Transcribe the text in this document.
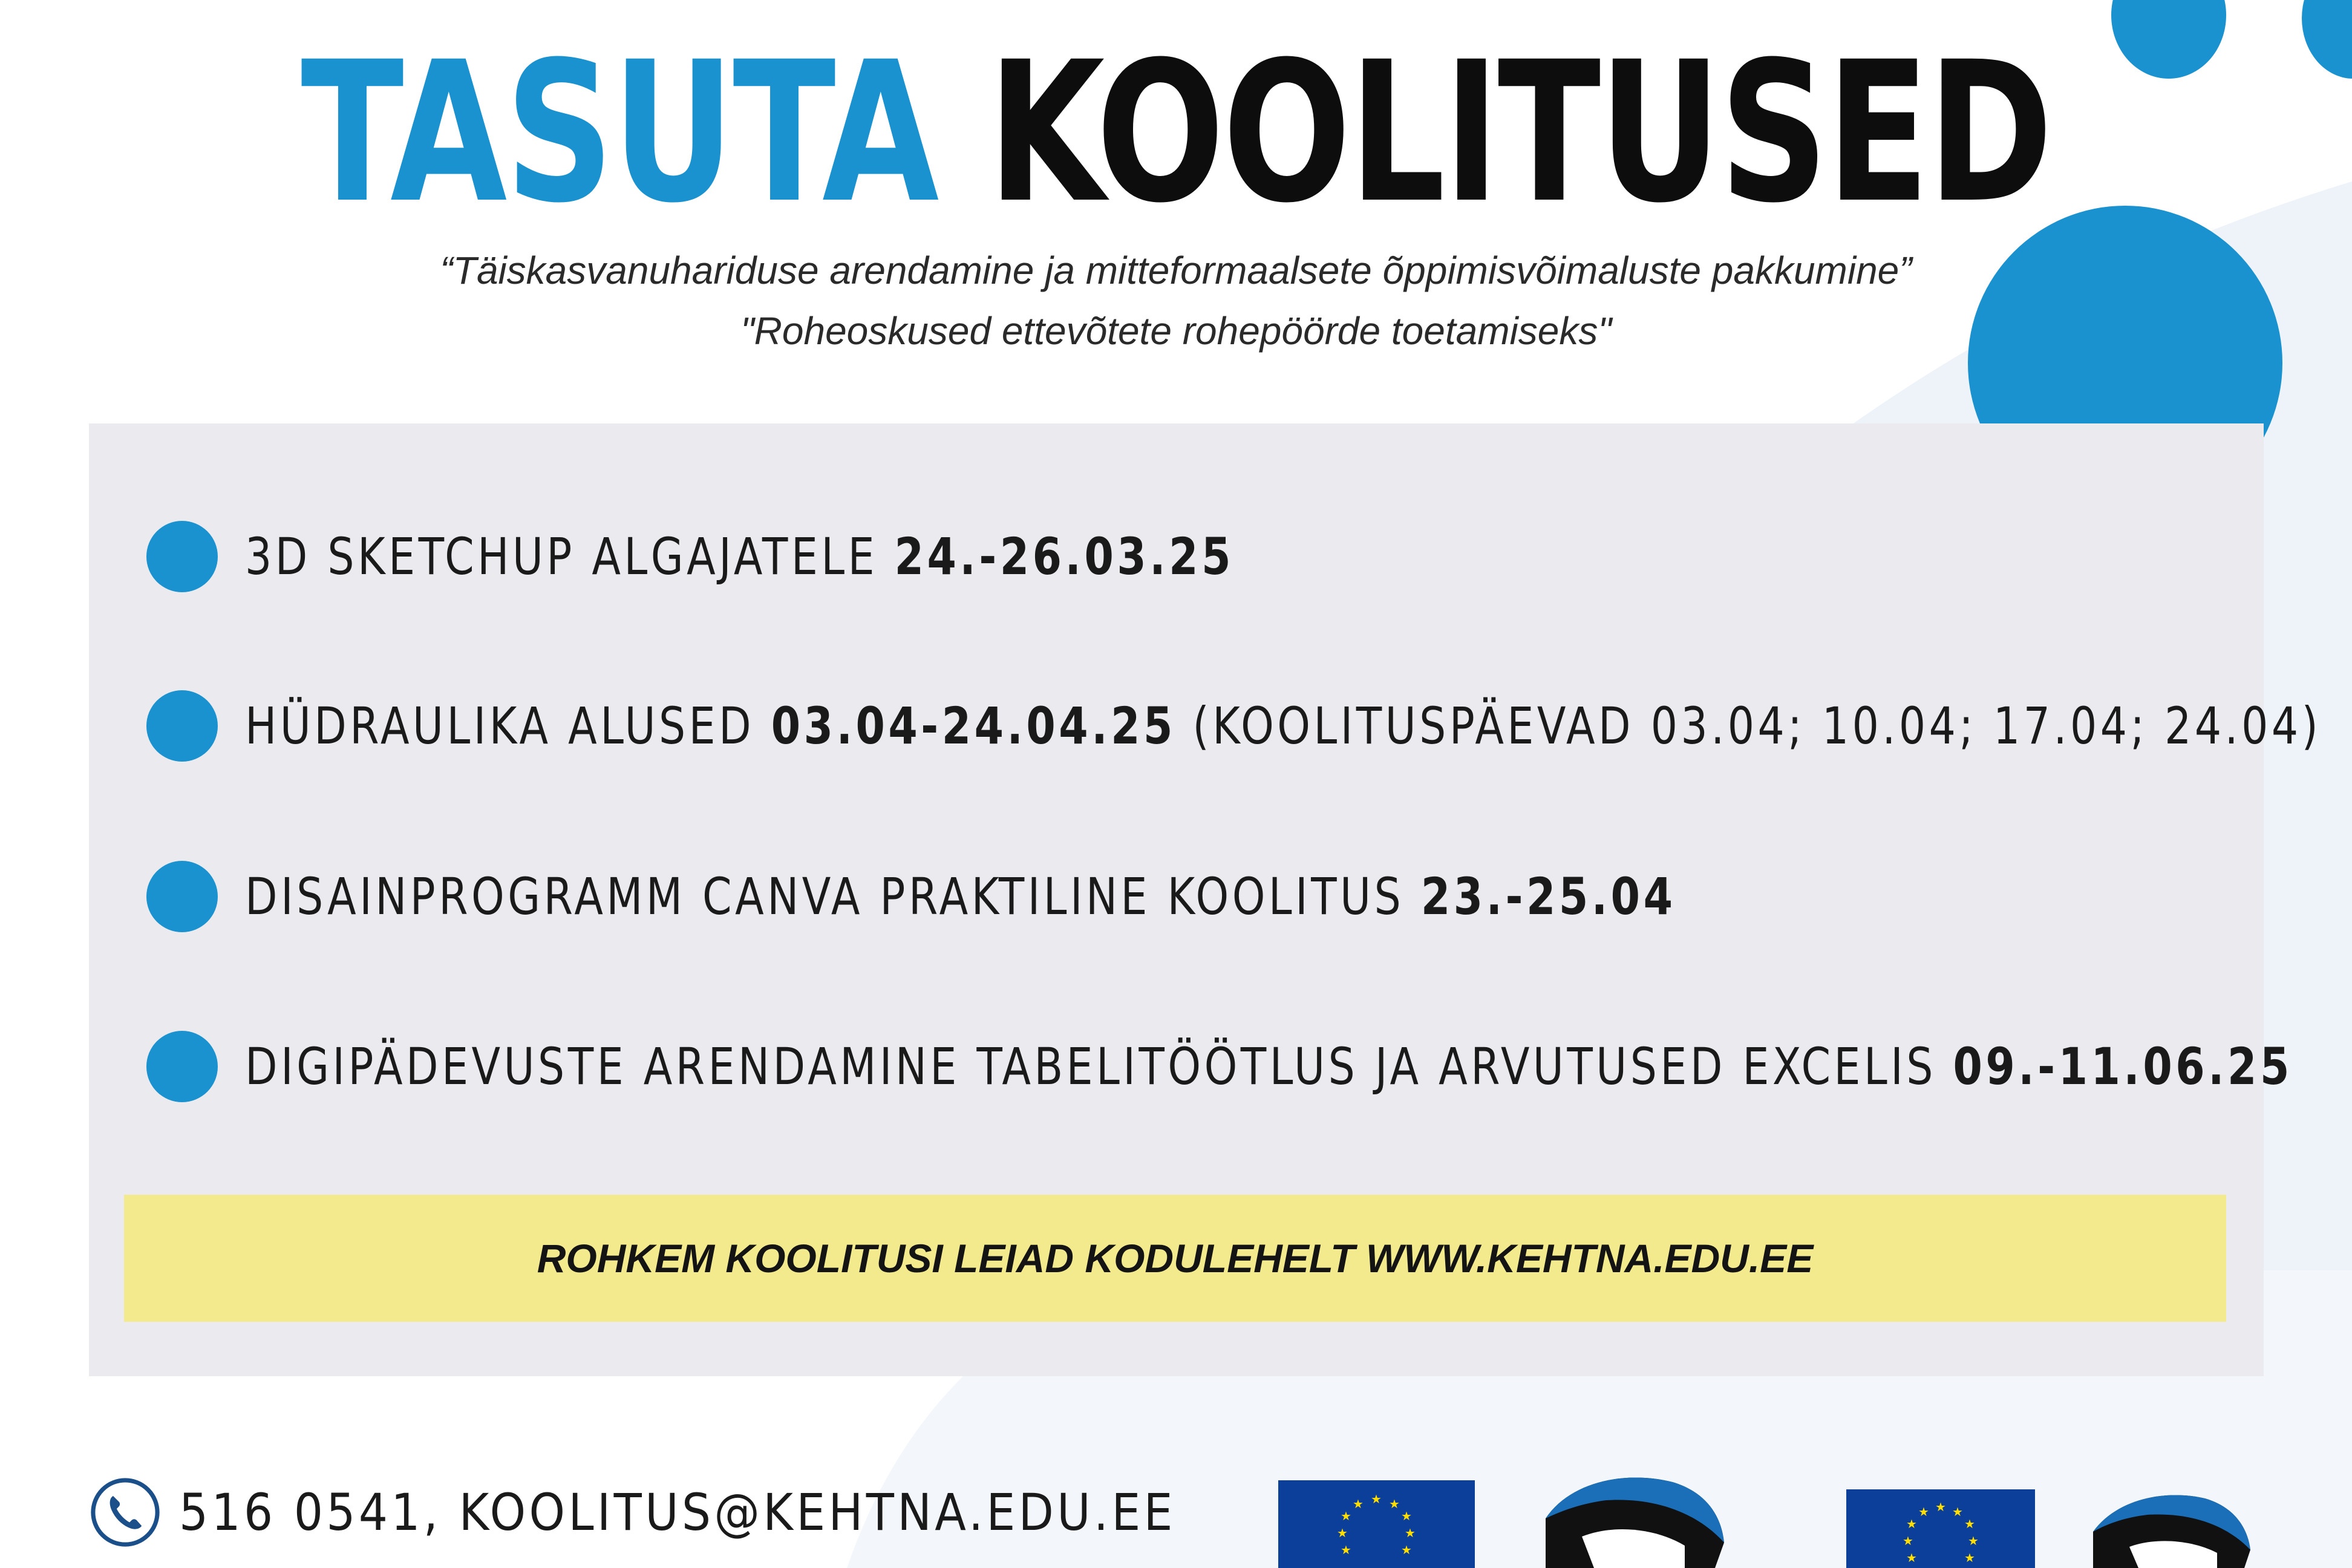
TASUTA KOOLITUSED
“Täiskasvanuhariduse arendamine ja mitteformaalsete õppimisvõimaluste pakkumine”
"Roheoskused ettevõtete rohepöörde toetamiseks"
3D SKETCHUP ALGAJATELE 24.-26.03.25
HÜDRAULIKA ALUSED 03.04-24.04.25 (KOOLITUSPÄEVAD 03.04; 10.04; 17.04; 24.04)
DISAINPROGRAMM CANVA PRAKTILINE KOOLITUS 23.-25.04
DIGIPÄDEVUSTE ARENDAMINE TABELITÖÖTLUS JA ARVUTUSED EXCELIS 09.-11.06.25
ROHKEM KOOLITUSI LEIAD KODULEHELT WWW.KEHTNA.EDU.EE
516 0541, KOOLITUS@KEHTNA.EDU.EE	★ ★
★
★
★
★
★
★	★
★ ★
★
★
★
★
★
★	★
